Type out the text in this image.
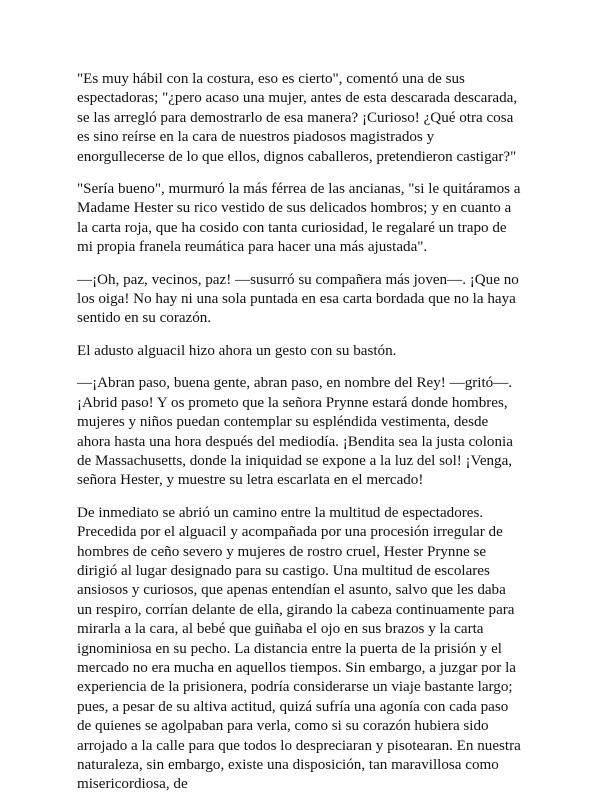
"Es muy hábil con la costura, eso es cierto", comentó una de sus espectadoras; "¿pero acaso una mujer, antes de esta descarada descarada, se las arregló para demostrarlo de esa manera? ¡Curioso! ¿Qué otra cosa es sino reírse en la cara de nuestros piadosos magistrados y enorgullecerse de lo que ellos, dignos caballeros, pretendieron castigar?"

"Sería bueno", murmuró la más férrea de las ancianas, "si le quitáramos a Madame Hester su rico vestido de sus delicados hombros; y en cuanto a la carta roja, que ha cosido con tanta curiosidad, le regalaré un trapo de mi propia franela reumática para hacer una más ajustada".

—¡Oh, paz, vecinos, paz! —susurró su compañera más joven—. ¡Que no los oiga! No hay ni una sola puntada en esa carta bordada que no la haya sentido en su corazón.

El adusto alguacil hizo ahora un gesto con su bastón.

—¡Abran paso, buena gente, abran paso, en nombre del Rey! —gritó—. ¡Abrid paso! Y os prometo que la señora Prynne estará donde hombres, mujeres y niños puedan contemplar su espléndida vestimenta, desde ahora hasta una hora después del mediodía. ¡Bendita sea la justa colonia de Massachusetts, donde la iniquidad se expone a la luz del sol! ¡Venga, señora Hester, y muestre su letra escarlata en el mercado!

De inmediato se abrió un camino entre la multitud de espectadores. Precedida por el alguacil y acompañada por una procesión irregular de hombres de ceño severo y mujeres de rostro cruel, Hester Prynne se dirigió al lugar designado para su castigo. Una multitud de escolares ansiosos y curiosos, que apenas entendían el asunto, salvo que les daba un respiro, corrían delante de ella, girando la cabeza continuamente para mirarla a la cara, al bebé que guiñaba el ojo en sus brazos y la carta ignominiosa en su pecho. La distancia entre la puerta de la prisión y el mercado no era mucha en aquellos tiempos. Sin embargo, a juzgar por la experiencia de la prisionera, podría considerarse un viaje bastante largo; pues, a pesar de su altiva actitud, quizá sufría una agonía con cada paso de quienes se agolpaban para verla, como si su corazón hubiera sido arrojado a la calle para que todos lo despreciaran y pisotearan. En nuestra naturaleza, sin embargo, existe una disposición, tan maravillosa como misericordiosa, de
